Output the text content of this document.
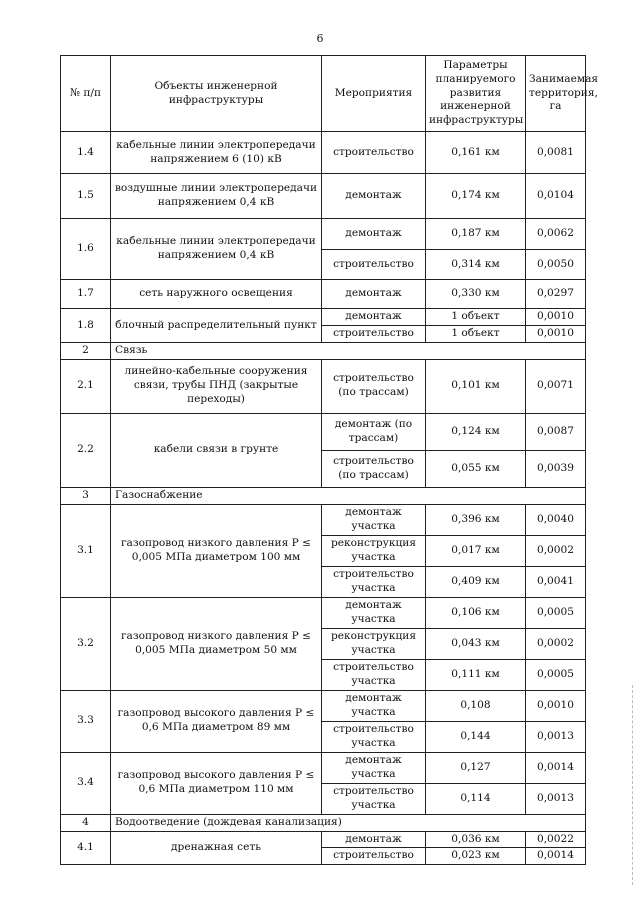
6
№ п/п	Объекты инженерной инфраструктуры	Мероприятия	Параметры планируемого развития инженерной инфраструктуры	Занимаемая территория, га
1.4	кабельные линии электропередачи напряжением 6 (10) кВ	строительство	0,161 км	0,0081
1.5	воздушные линии электропередачи напряжением 0,4 кВ	демонтаж	0,174 км	0,0104
1.6	кабельные линии электропередачи напряжением 0,4 кВ	демонтаж	0,187 км	0,0062
		строительство	0,314 км	0,0050
1.7	сеть наружного освещения	демонтаж	0,330 км	0,0297
1.8	блочный распределительный пункт	демонтаж	1 объект	0,0010
		строительство	1 объект	0,0010
2	Связь			
2.1	линейно-кабельные сооружения связи, трубы ПНД (закрытые переходы)	строительство (по трассам)	0,101 км	0,0071
2.2	кабели связи в грунте	демонтаж (по трассам)	0,124 км	0,0087
		строительство (по трассам)	0,055 км	0,0039
3	Газоснабжение			
3.1	газопровод низкого давления P ≤ 0,005 МПа диаметром 100 мм	демонтаж участка	0,396 км	0,0040
		реконструкция участка	0,017 км	0,0002
		строительство участка	0,409 км	0,0041
3.2	газопровод низкого давления P ≤ 0,005 МПа диаметром 50 мм	демонтаж участка	0,106 км	0,0005
		реконструкция участка	0,043 км	0,0002
		строительство участка	0,111 км	0,0005
3.3	газопровод высокого давления P ≤ 0,6 МПа диаметром 89 мм	демонтаж участка	0,108	0,0010
		строительство участка	0,144	0,0013
3.4	газопровод высокого давления P ≤ 0,6 МПа диаметром 110 мм	демонтаж участка	0,127	0,0014
		строительство участка	0,114	0,0013
4	Водоотведение (дождевая канализация)			
4.1	дренажная сеть	демонтаж	0,036 км	0,0022
		строительство	0,023 км	0,0014
